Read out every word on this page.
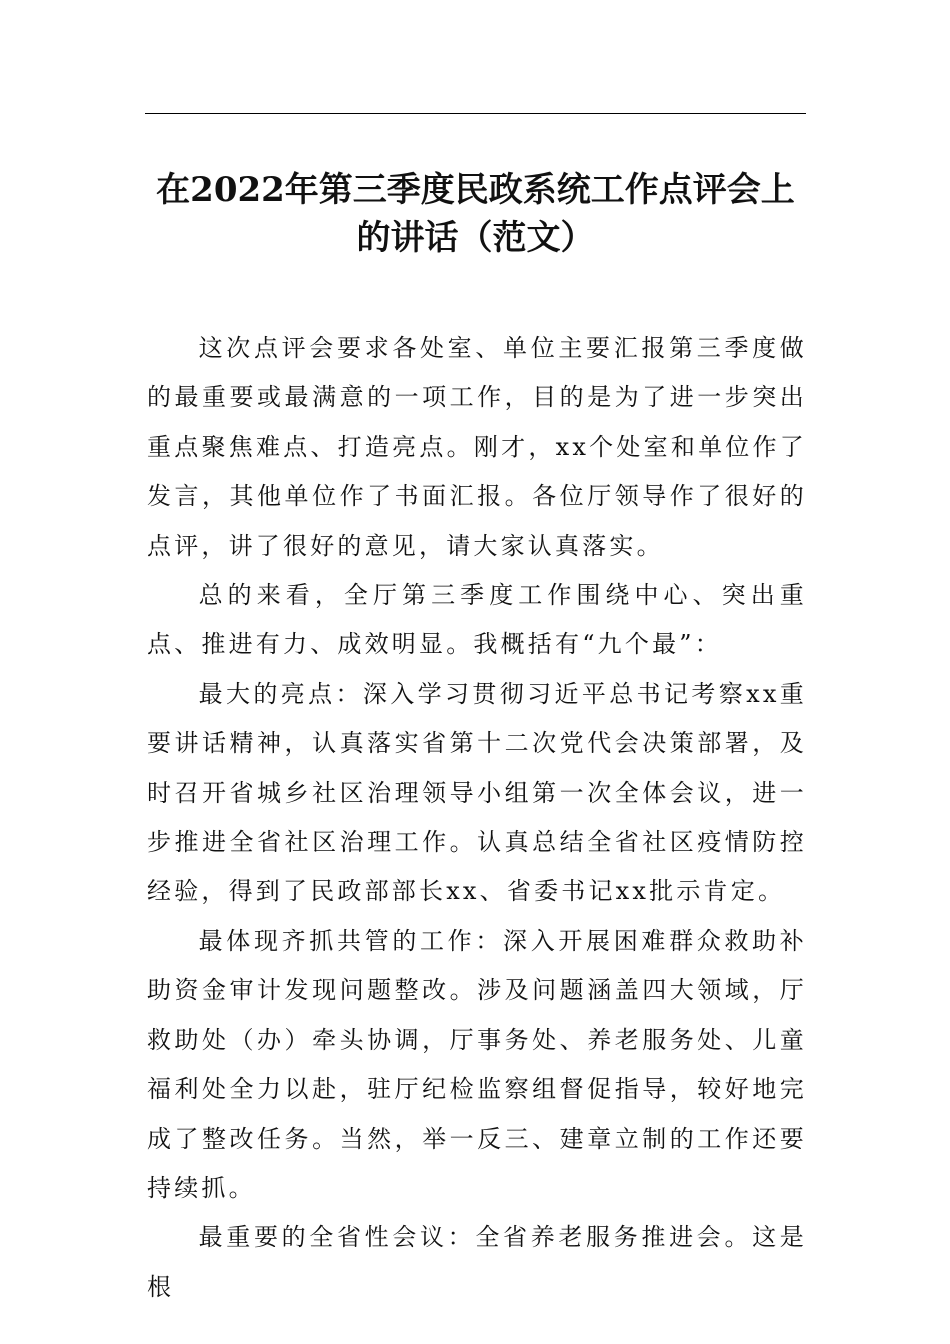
在2022年第三季度民政系统工作点评会上
的讲话（范文）

这次点评会要求各处室、单位主要汇报第三季度做的最重要或最满意的一项工作，目的是为了进一步突出重点聚焦难点、打造亮点。刚才，xx个处室和单位作了发言，其他单位作了书面汇报。各位厅领导作了很好的点评，讲了很好的意见，请大家认真落实。

总的来看，全厅第三季度工作围绕中心、突出重点、推进有力、成效明显。我概括有“九个最”：

最大的亮点：深入学习贯彻习近平总书记考察xx重要讲话精神，认真落实省第十二次党代会决策部署，及时召开省城乡社区治理领导小组第一次全体会议，进一步推进全省社区治理工作。认真总结全省社区疫情防控经验，得到了民政部部长xx、省委书记xx批示肯定。

最体现齐抓共管的工作：深入开展困难群众救助补助资金审计发现问题整改。涉及问题涵盖四大领域，厅救助处（办）牵头协调，厅事务处、养老服务处、儿童福利处全力以赴，驻厅纪检监察组督促指导，较好地完成了整改任务。当然，举一反三、建章立制的工作还要持续抓。

最重要的全省性会议：全省养老服务推进会。这是根
